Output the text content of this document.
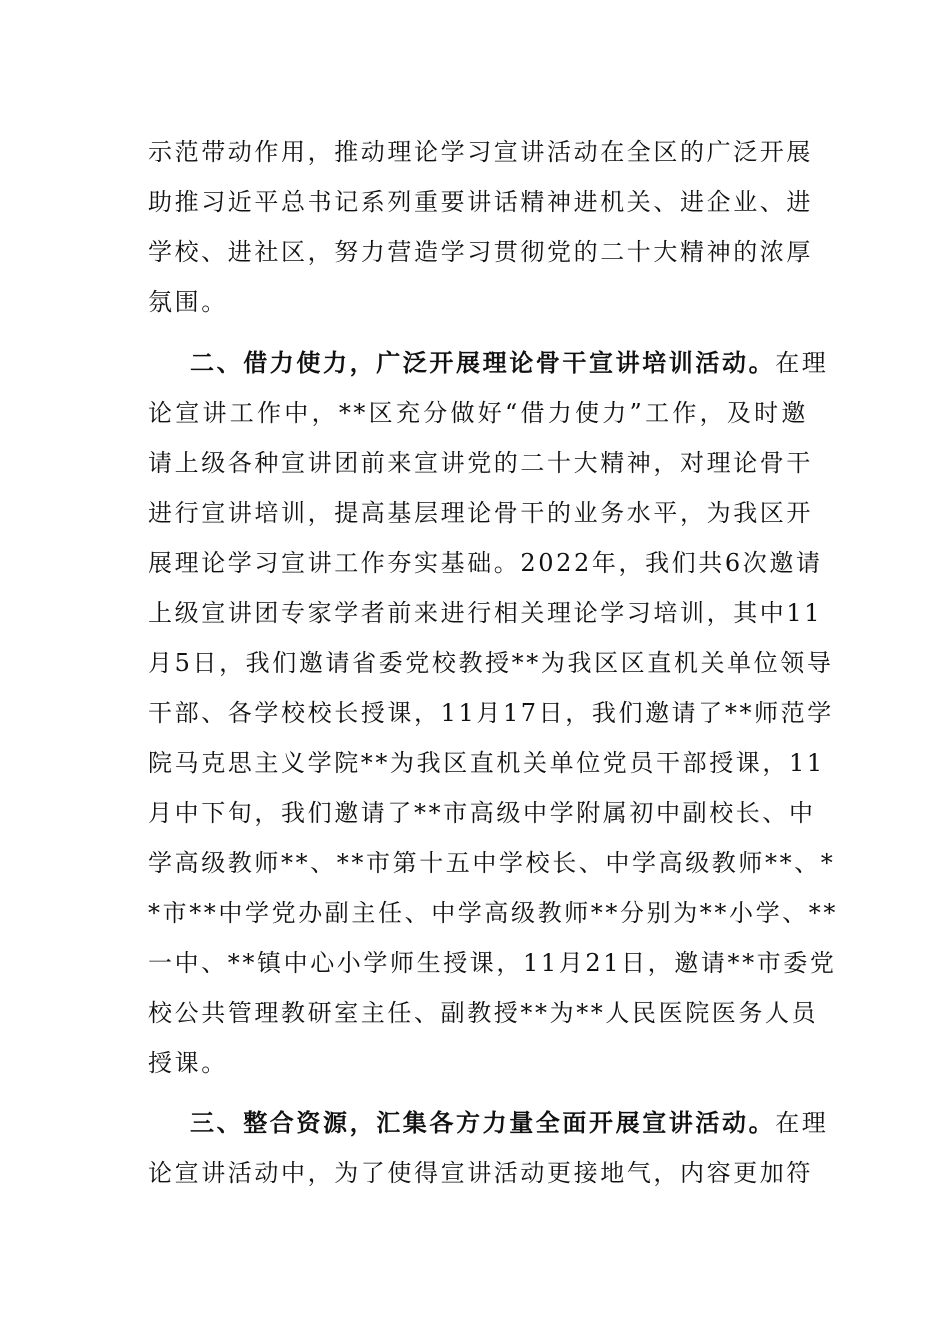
示范带动作用，推动理论学习宣讲活动在全区的广泛开展
助推习近平总书记系列重要讲话精神进机关、进企业、进
学校、进社区，努力营造学习贯彻党的二十大精神的浓厚
氛围。
二、借力使力，广泛开展理论骨干宣讲培训活动。在理
论宣讲工作中，**区充分做好“借力使力”工作，及时邀
请上级各种宣讲团前来宣讲党的二十大精神，对理论骨干
进行宣讲培训，提高基层理论骨干的业务水平，为我区开
展理论学习宣讲工作夯实基础。2022年，我们共6次邀请
上级宣讲团专家学者前来进行相关理论学习培训，其中11
月5日，我们邀请省委党校教授**为我区区直机关单位领导
干部、各学校校长授课，11月17日，我们邀请了**师范学
院马克思主义学院**为我区直机关单位党员干部授课，11
月中下旬，我们邀请了**市高级中学附属初中副校长、中
学高级教师**、**市第十五中学校长、中学高级教师**、*
*市**中学党办副主任、中学高级教师**分别为**小学、**
一中、**镇中心小学师生授课，11月21日，邀请**市委党
校公共管理教研室主任、副教授**为**人民医院医务人员
授课。
三、整合资源，汇集各方力量全面开展宣讲活动。在理
论宣讲活动中，为了使得宣讲活动更接地气，内容更加符
